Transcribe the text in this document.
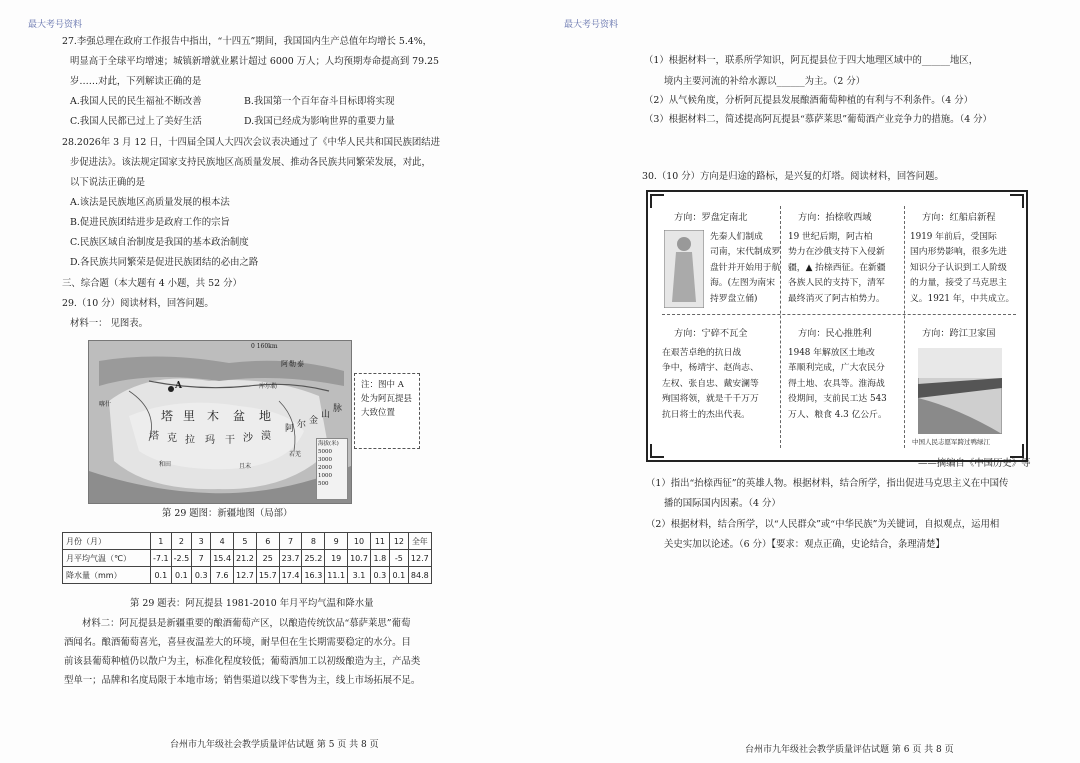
最大考号资料
27.李强总理在政府工作报告中指出，“十四五”期间，我国国内生产总值年均增长 5.4%，
明显高于全球平均增速；城镇新增就业累计超过 6000 万人；人均预期寿命提高到 79.25
岁……对此，下列解读正确的是
A.我国人民的民生福祉不断改善	B.我国第一个百年奋斗目标即将实现
C.我国人民都已过上了美好生活	D.我国已经成为影响世界的重要力量
28.2026年 3 月 12 日，十四届全国人大四次会议表决通过了《中华人民共和国民族团结进
步促进法》。该法规定国家支持民族地区高质量发展、推动各民族共同繁荣发展，对此，
以下说法正确的是
A.该法是民族地区高质量发展的根本法
B.促进民族团结进步是政府工作的宗旨
C.民族区域自治制度是我国的基本政治制度
D.各民族共同繁荣是促进民族团结的必由之路
三、综合题（本大题有 4 小题，共 52 分）
29.（10 分）阅读材料，回答问题。
材料一： 见图表。
0 160km
A
塔 里 木 盆 地
塔 克 拉 玛 干 沙 漠
阿 勒 泰
库尔勒
喀什
和田	且末
若羌
阿 尔 金
山
脉
海拔(米)
5000
3000
2000
1000
500
注：图中 A 处为阿瓦提县大致位置
第 29 题图：新疆地图（局部）
月份（月）	1	2	3	4	5	6	7	8	9	10	11	12	全年
月平均气温（℃）	-7.1	-2.5	7	15.4	21.2	25	23.7	25.2	19	10.7	1.8	-5	12.7
降水量（mm）	0.1	0.1	0.3	7.6	12.7	15.7	17.4	16.3	11.1	3.1	0.3	0.1	84.8
第 29 题表：阿瓦提县 1981-2010 年月平均气温和降水量
材料二：阿瓦提县是新疆重要的酿酒葡萄产区，以酿造传统饮品“慕萨莱思”葡萄
酒闻名。酿酒葡萄喜光，喜昼夜温差大的环境，耐旱但在生长期需要稳定的水分。目
前该县葡萄种植仍以散户为主，标准化程度较低；葡萄酒加工以初级酿造为主，产品类
型单一；品牌和名度局限于本地市场；销售渠道以线下零售为主，线上市场拓展不足。
台州市九年级社会教学质量评估试题 第 5 页 共 8 页
最大考号资料
（1）根据材料一，联系所学知识，阿瓦提县位于四大地理区域中的______地区，
境内主要河流的补给水源以______为主。（2 分）
（2）从气候角度，分析阿瓦提县发展酿酒葡萄种植的有利与不利条件。（4 分）
（3）根据材料二，简述提高阿瓦提县“慕萨莱思”葡萄酒产业竞争力的措施。（4 分）
30.（10 分）方向是归途的路标，是兴复的灯塔。阅读材料，回答问题。
方向：罗盘定南北
先秦人们制成
司南，宋代制成罗
盘针并开始用于航
海。(左图为南宋
持罗盘立俑)
方向：抬榇收西域
19 世纪后期，阿古柏
势力在沙俄支持下入侵新
疆，▲ 抬榇西征。在新疆
各族人民的支持下，清军
最终消灭了阿古柏势力。
方向：红船启新程
1919 年前后，受国际
国内形势影响，很多先进
知识分子认识到工人阶级
的力量，接受了马克思主
义。1921 年，中共成立。
方向：宁碎不瓦全
在艰苦卓绝的抗日战
争中，杨靖宇、赵尚志、
左权、张自忠、戴安澜等
殉国将领，就是千千万万
抗日将士的杰出代表。
方向：民心推胜利
1948 年解放区土地改
革顺利完成，广大农民分
得土地、农具等。淮海战
役期间，支前民工达 543
万人、粮食 4.3 亿公斤。
方向：跨江卫家国
中国人民志愿军跨过鸭绿江
——摘编自《中国历史》等
（1）指出“抬榇西征”的英雄人物。根据材料，结合所学，指出促进马克思主义在中国传
播的国际国内因素。（4 分）
（2）根据材料，结合所学，以“人民群众”或“中华民族”为关键词，自拟观点，运用相
关史实加以论述。（6 分）【要求：观点正确，史论结合，条理清楚】
台州市九年级社会教学质量评估试题 第 6 页 共 8 页
